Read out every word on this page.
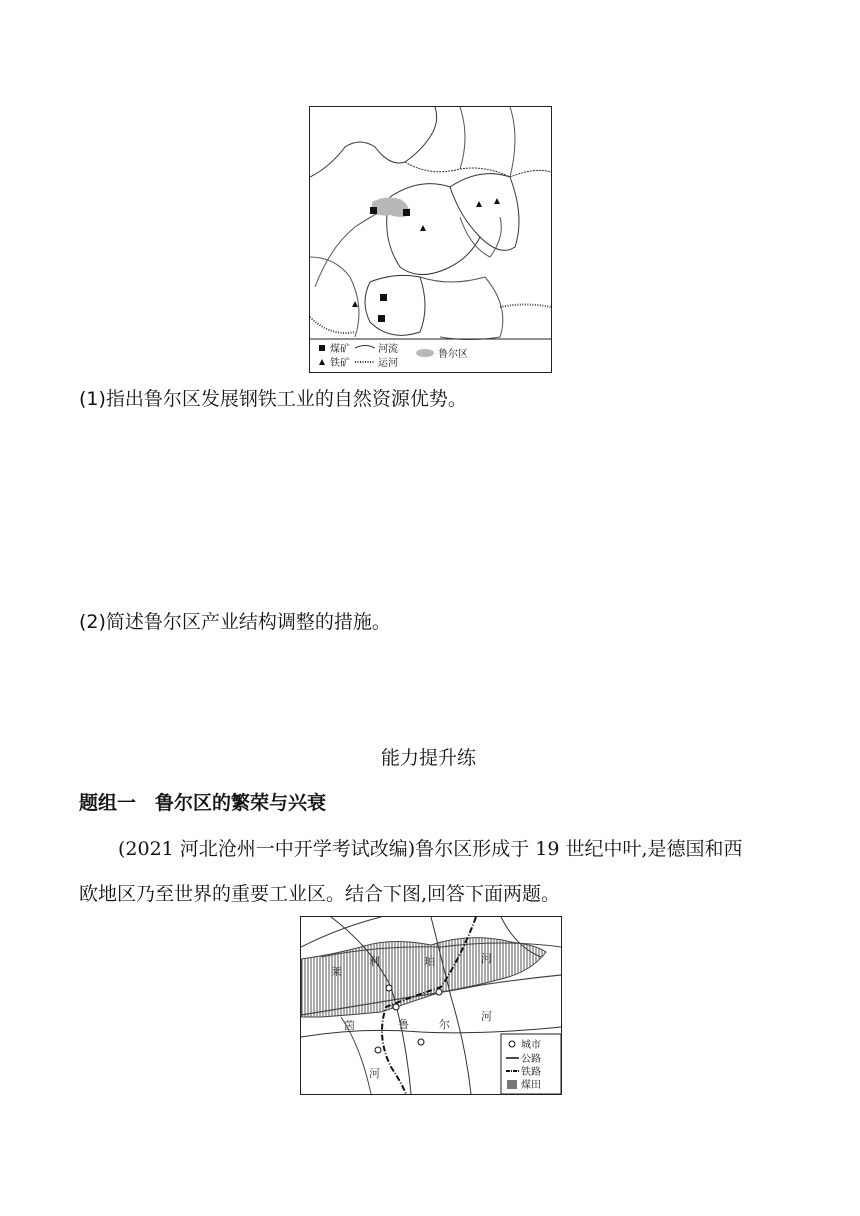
煤矿	河流	鲁尔区
铁矿	运河
(1)指出鲁尔区发展钢铁工业的自然资源优势。
(2)简述鲁尔区产业结构调整的措施。
能力提升练
题组一　鲁尔区的繁荣与兴衰
(2021 河北沧州一中开学考试改编)鲁尔区形成于 19 世纪中叶,是德国和西
欧地区乃至世界的重要工业区。结合下图,回答下面两题。
莱
茵
利	珀	河
鲁	尔
河
河
城市
公路
铁路
煤田
